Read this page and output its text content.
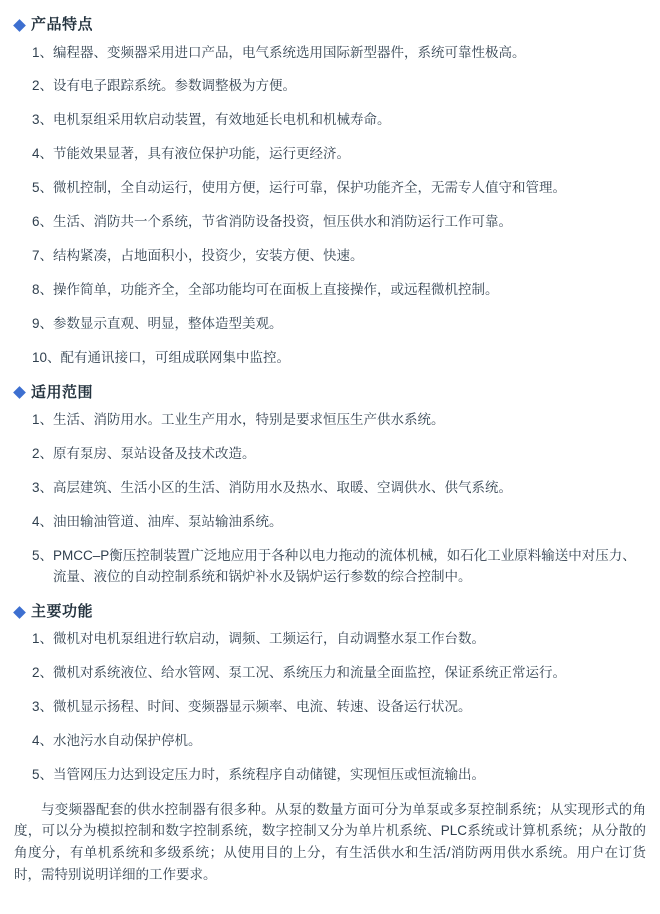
产品特点
1、 编程器、变频器采用进口产品，电气系统选用国际新型器件，系统可靠性极高。
2、 设有电子跟踪系统。参数调整极为方便。
3、 电机泵组采用软启动装置，有效地延长电机和机械寿命。
4、 节能效果显著，具有液位保护功能，运行更经济。
5、 微机控制，全自动运行，使用方便，运行可靠，保护功能齐全，无需专人值守和管理。
6、 生活、消防共一个系统，节省消防设备投资，恒压供水和消防运行工作可靠。
7、 结构紧凑，占地面积小，投资少，安装方便、快速。
8、 操作简单，功能齐全，全部功能均可在面板上直接操作，或远程微机控制。
9、 参数显示直观、明显，整体造型美观。
10、 配有通讯接口，可组成联网集中监控。
适用范围
1、 生活、消防用水。工业生产用水，特别是要求恒压生产供水系统。
2、 原有泵房、泵站设备及技术改造。
3、 高层建筑、生活小区的生活、消防用水及热水、取暖、空调供水、供气系统。
4、 油田输油管道、油库、泵站输油系统。
5、 PMCC–P衡压控制装置广泛地应用于各种以电力拖动的流体机械，如石化工业原料输送中对压力、流量、液位的自动控制系统和锅炉补水及锅炉运行参数的综合控制中。
主要功能
1、 微机对电机泵组进行软启动，调频、工频运行，自动调整水泵工作台数。
2、 微机对系统液位、给水管网、泵工况、系统压力和流量全面监控，保证系统正常运行。
3、 微机显示扬程、时间、变频器显示频率、电流、转速、设备运行状况。
4、 水池污水自动保护停机。
5、 当管网压力达到设定压力时，系统程序自动储键，实现恒压或恒流输出。

与变频器配套的供水控制器有很多种。从泵的数量方面可分为单泵或多泵控制系统；从实现形式的角度，可以分为模拟控制和数字控制系统，数字控制又分为单片机系统、PLC系统或计算机系统；从分散的角度分，有单机系统和多级系统；从使用目的上分，有生活供水和生活/消防两用供水系统。用户在订货时，需特别说明详细的工作要求。
